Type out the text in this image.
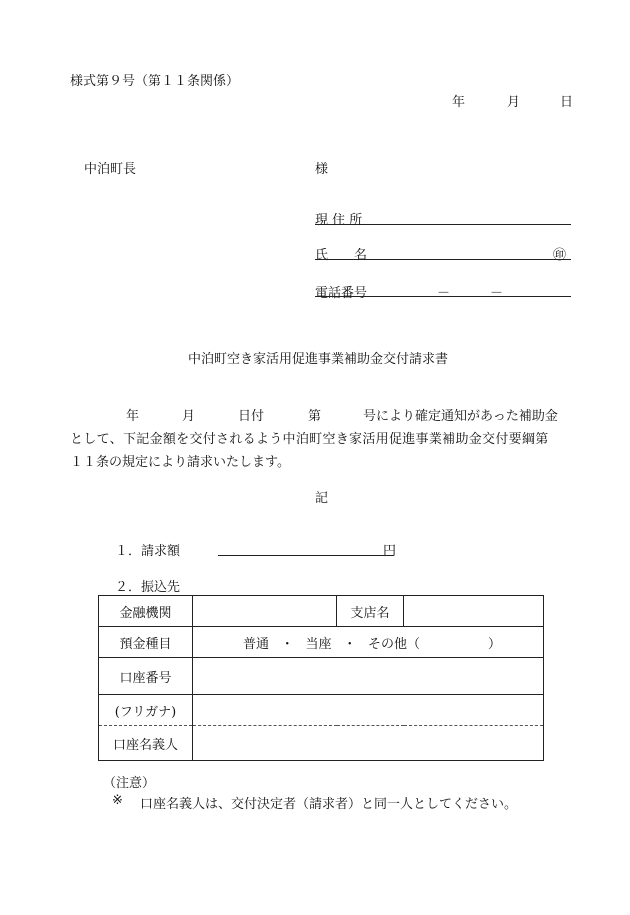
様式第９号（第１１条関係）
年	月	日
中泊町長	様
現 住 所
氏　　名	㊞
電話番号	－	－
中泊町空き家活用促進事業補助金交付請求書
年	月	日付	第	号により確定通知があった補助金
として、下記金額を交付されるよう中泊町空き家活用促進事業補助金交付要綱第
１１条の規定により請求いたします。
記
１．請求額	円
２．振込先
金融機関		支店名	
預金種目	普通 ・ 当座 ・ その他（ ）		

口座番号			
(フリガナ)			
口座名義人			
（注意）
※ 口座名義人は、交付決定者（請求者）と同一人としてください。
